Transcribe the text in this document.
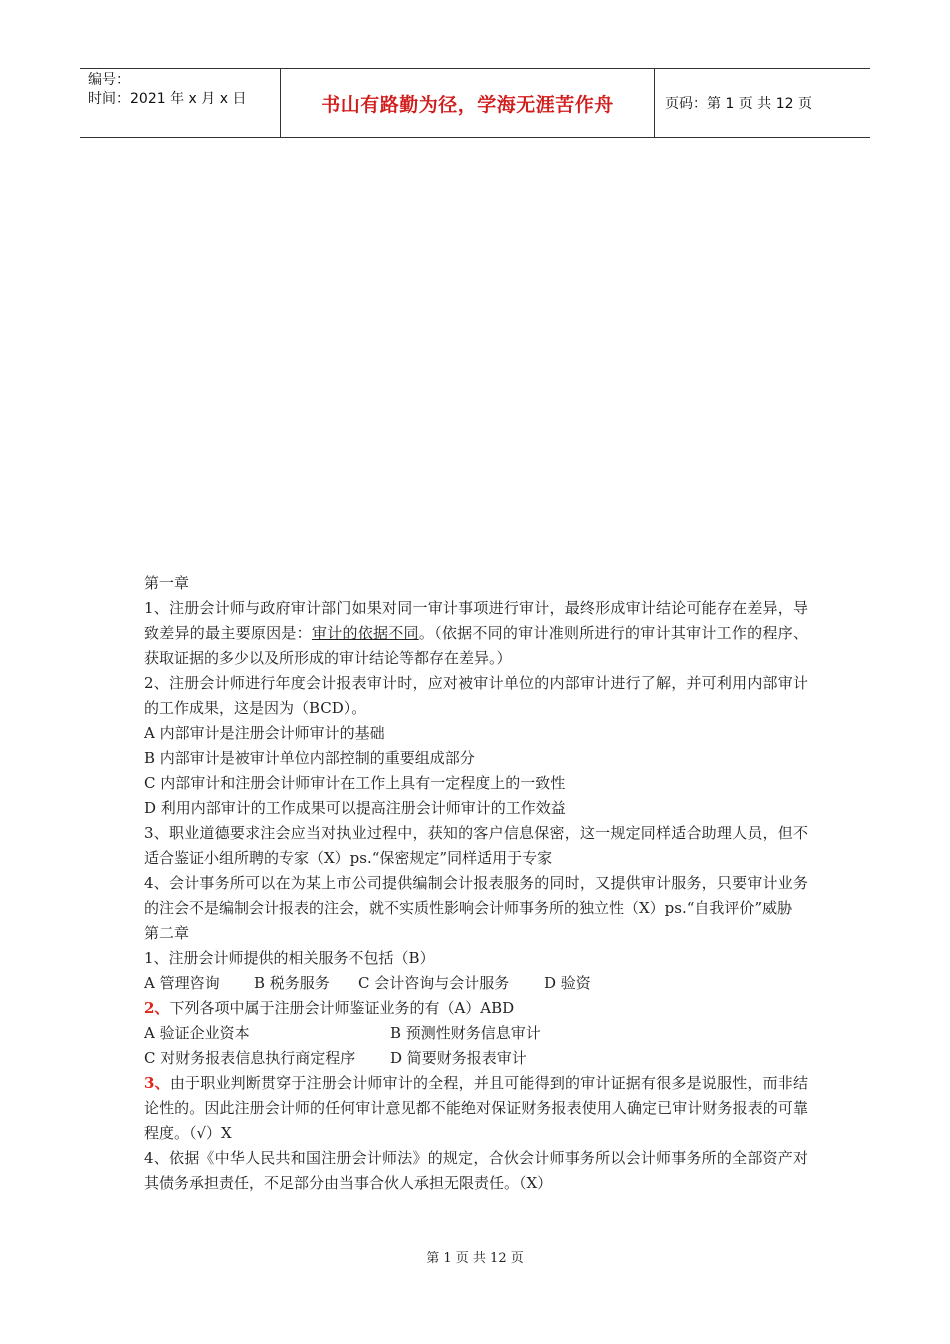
编号：
时间：2021 年 x 月 x 日	书山有路勤为径，学海无涯苦作舟	页码：第 1 页 共 12 页

第一章

1、注册会计师与政府审计部门如果对同一审计事项进行审计，最终形成审计结论可能存在差异，导致差异的最主要原因是：审计的依据不同。（依据不同的审计准则所进行的审计其审计工作的程序、获取证据的多少以及所形成的审计结论等都存在差异。）

2、注册会计师进行年度会计报表审计时，应对被审计单位的内部审计进行了解，并可利用内部审计的工作成果，这是因为（BCD）。

A 内部审计是注册会计师审计的基础

B 内部审计是被审计单位内部控制的重要组成部分

C 内部审计和注册会计师审计在工作上具有一定程度上的一致性

D 利用内部审计的工作成果可以提高注册会计师审计的工作效益

3、职业道德要求注会应当对执业过程中，获知的客户信息保密，这一规定同样适合助理人员，但不适合鉴证小组所聘的专家（X）ps.“保密规定”同样适用于专家

4、会计事务所可以在为某上市公司提供编制会计报表服务的同时，又提供审计服务，只要审计业务的注会不是编制会计报表的注会，就不实质性影响会计师事务所的独立性（X）ps.“自我评价”威胁

第二章

1、注册会计师提供的相关服务不包括（B）

A 管理咨询 B 税务服务 C 会计咨询与会计服务 D 验资

2、下列各项中属于注册会计师鉴证业务的有（A）ABD

A 验证企业资本	B 预测性财务信息审计

C 对财务报表信息执行商定程序 D 简要财务报表审计

3、由于职业判断贯穿于注册会计师审计的全程，并且可能得到的审计证据有很多是说服性，而非结论性的。因此注册会计师的任何审计意见都不能绝对保证财务报表使用人确定已审计财务报表的可靠程度。（√）X

4、依据《中华人民共和国注册会计师法》的规定，合伙会计师事务所以会计师事务所的全部资产对其债务承担责任，不足部分由当事合伙人承担无限责任。（X）

第 1 页 共 12 页
